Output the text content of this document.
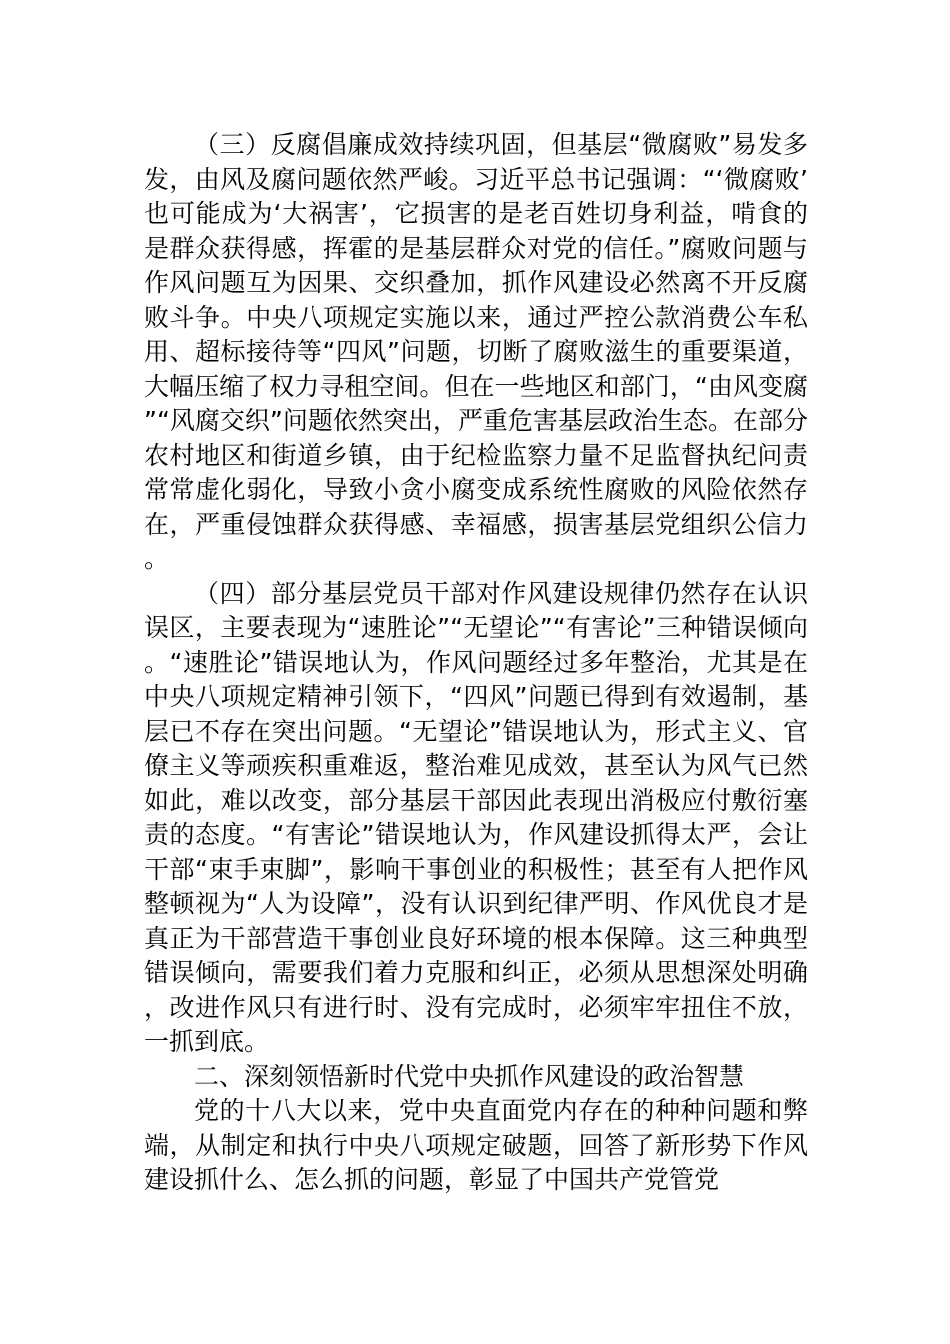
（三）反腐倡廉成效持续巩固，但基层“微腐败”易发多发，由风及腐问题依然严峻。习近平总书记强调：“‘微腐败’也可能成为‘大祸害’，它损害的是老百姓切身利益，啃食的是群众获得感，挥霍的是基层群众对党的信任。”腐败问题与作风问题互为因果、交织叠加，抓作风建设必然离不开反腐败斗争。中央八项规定实施以来，通过严控公款消费公车私用、超标接待等“四风”问题，切断了腐败滋生的重要渠道，大幅压缩了权力寻租空间。但在一些地区和部门，“由风变腐”“风腐交织”问题依然突出，严重危害基层政治生态。在部分农村地区和街道乡镇，由于纪检监察力量不足监督执纪问责常常虚化弱化，导致小贪小腐变成系统性腐败的风险依然存在，严重侵蚀群众获得感、幸福感，损害基层党组织公信力。

（四）部分基层党员干部对作风建设规律仍然存在认识误区，主要表现为“速胜论”“无望论”“有害论”三种错误倾向。“速胜论”错误地认为，作风问题经过多年整治，尤其是在中央八项规定精神引领下，“四风”问题已得到有效遏制，基层已不存在突出问题。“无望论”错误地认为，形式主义、官僚主义等顽疾积重难返，整治难见成效，甚至认为风气已然如此，难以改变，部分基层干部因此表现出消极应付敷衍塞责的态度。“有害论”错误地认为，作风建设抓得太严，会让干部“束手束脚”，影响干事创业的积极性；甚至有人把作风整顿视为“人为设障”，没有认识到纪律严明、作风优良才是真正为干部营造干事创业良好环境的根本保障。这三种典型错误倾向，需要我们着力克服和纠正，必须从思想深处明确，改进作风只有进行时、没有完成时，必须牢牢扭住不放，一抓到底。

二、深刻领悟新时代党中央抓作风建设的政治智慧

党的十八大以来，党中央直面党内存在的种种问题和弊端，从制定和执行中央八项规定破题，回答了新形势下作风建设抓什么、怎么抓的问题，彰显了中国共产党管党
